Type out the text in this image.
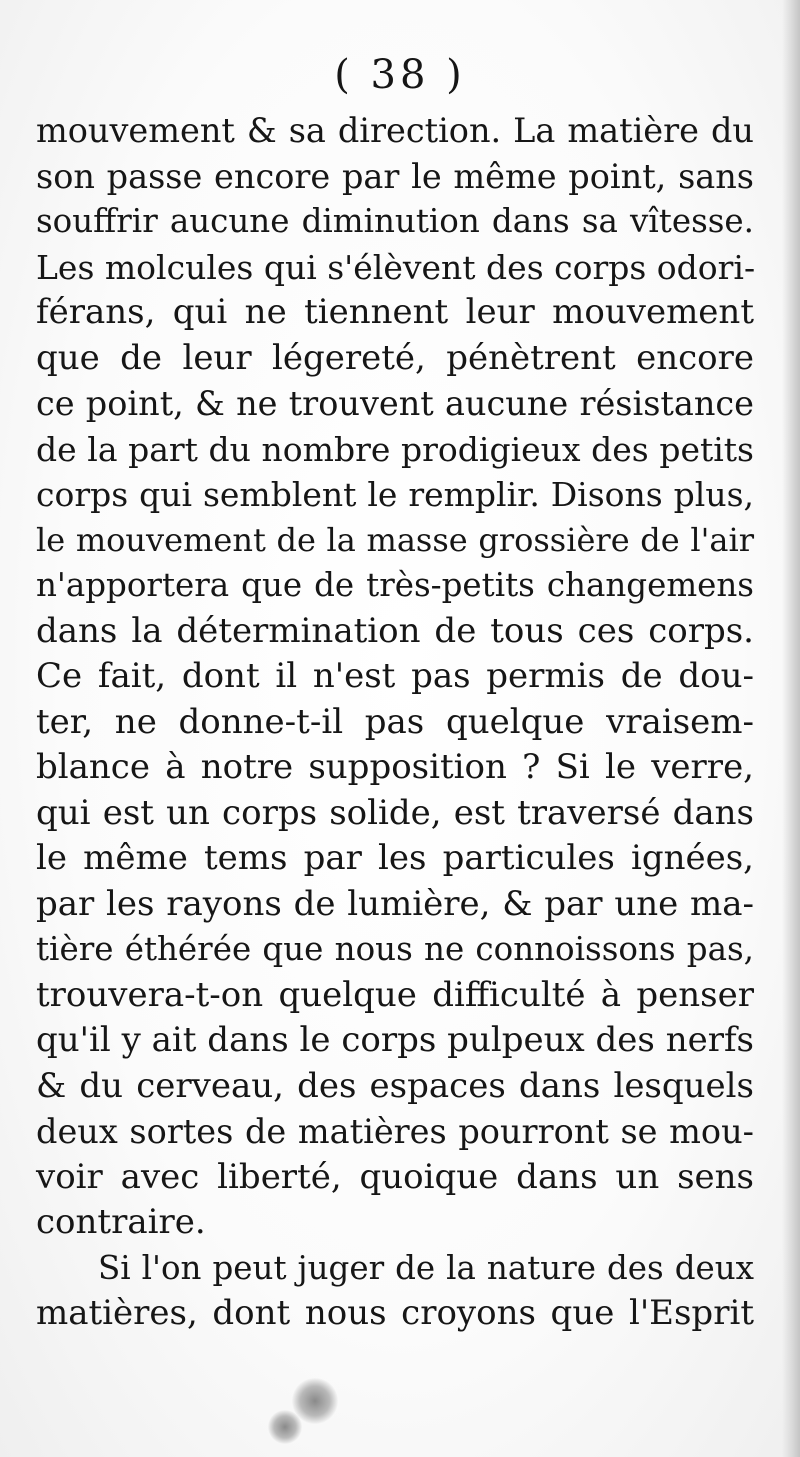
( 38 )
mouvement & sa direction. La matière du
son passe encore par le même point, sans
souffrir aucune diminution dans sa vîtesse.
Les molcules qui s'élèvent des corps odori-
férans, qui ne tiennent leur mouvement
que de leur légereté, pénètrent encore
ce point, & ne trouvent aucune résistance
de la part du nombre prodigieux des petits
corps qui semblent le remplir. Disons plus,
le mouvement de la masse grossière de l'air
n'apportera que de très-petits changemens
dans la détermination de tous ces corps.
Ce fait, dont il n'est pas permis de dou-
ter, ne donne-t-il pas quelque vraisem-
blance à notre supposition ? Si le verre,
qui est un corps solide, est traversé dans
le même tems par les particules ignées,
par les rayons de lumière, & par une ma-
tière éthérée que nous ne connoissons pas,
trouvera-t-on quelque difficulté à penser
qu'il y ait dans le corps pulpeux des nerfs
& du cerveau, des espaces dans lesquels
deux sortes de matières pourront se mou-
voir avec liberté, quoique dans un sens
contraire.
Si l'on peut juger de la nature des deux
matières, dont nous croyons que l'Esprit
